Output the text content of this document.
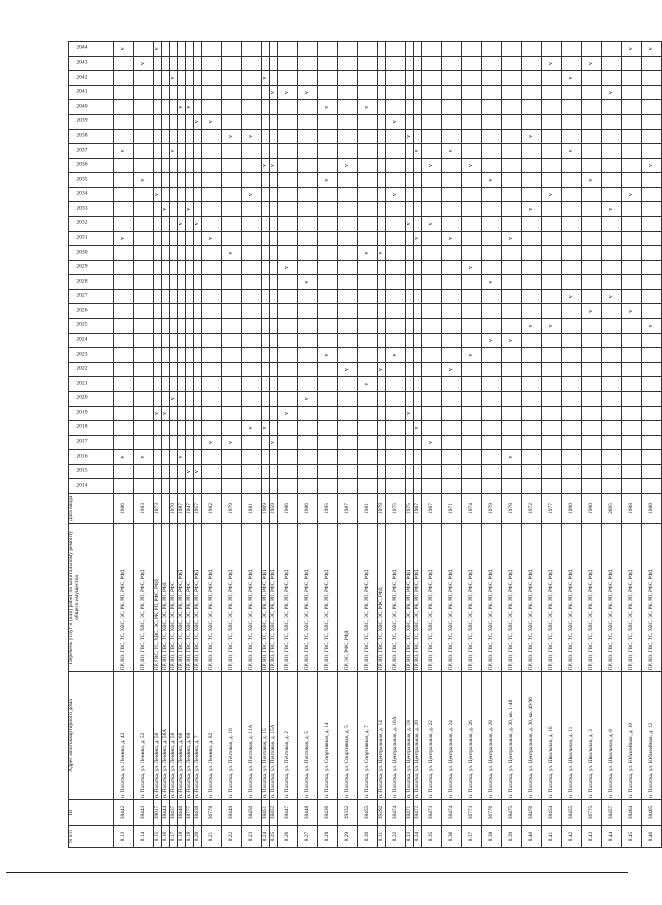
N п/п	ID	Адрес многоквартирного дома	Перечень услуг и (или) работ по капитальному ремонту общего имущества	Дата ввода	2014	2015	2016	2017	2018	2019	2020	2021	2022	2023	2024	2025	2026	2027	2028	2029	2030	2031	2032	2033	2034	2035	2036	2037	2038	2039	2040	2041	2042	2043	2044
8.13	38442	п. Палатка, ул. Ленина, д. 42	ПР, ВО, ГВС, ТС, ХВС, ЭС, РК, РП, РФС, РФД	1986			v															v						v							v
8.14	38443	п. Палатка, ул. Ленина, д. 52	ПР, ВО, ГВС, ТС, ХВС, ЭС, РК, РП, РФС, РФД	1983			v																			v								v	
8.15	39017	п. Палатка, ул. Ленина, д. 56	ПР, ГВС, ТС, ХВС, ЭС, РК, РП, РФС, РФД	1973						v															v										v
8.16	38444	п. Палатка, ул. Ленина, д. 56А	ПР, ВО, ГВС, ТС, ХВС, ЭС, РК, РП, РФД							v														v											
8.17	38437	п. Палатка, ул. Ленина, д. 58	ПР, ВО, ГВС, ТС, ХВС, ЭС, РК, РП, РФС	1970							v																	v					v		
8.18	38440	п. Палатка, ул. Ленина, д. 66	ПР, ВО, ГВС, ТС, ХВС, ЭС, РК, РП, РФС, РФД	1987			v																v								v				
8.19	38777	п. Палатка, ул. Ленина, д. 68	ПР, ВО, ГВС, ТС, ХВС, ЭС, РК, РП, РФС	1947		v																		v							v				
8.20	38438	п. Палатка, ул. Ленина, д. 7	ПР, ВО, ГВС, ТС, ХВС, ЭС, РК, РП, РФС, РФД	1957		v																	v							v					
8.21	36778	п. Палатка, ул. Ленина, д. 82	ПР, ВО, ГВС, ТС, ХВС, ЭС, РК, РП, РФС, РФД	1982				v														v								v					
8.22	38449	п. Палатка, ул. Почтовая, д. 10	ПР, ВО, ГВС, ТС, ХВС, ЭС, РК, РП, РФС, РФД	1979				v													v								v						
8.23	38450	п. Палатка, ул. Почтовая, д. 11А	ПР, ВО, ГВС, ТС, ХВС, ЭС, РК, РП, РФС, РФД	1981					v																v				v						
8.24	38451	п. Палатка, ул. Почтовая, д. 15	ПР, ВО, ГВС, ТС, ХВС, ЭС, РК, РП, РФС, РФД	1969					v																		v						v		
8.25	38452	п. Палатка, ул. Почтовая, д. 15А	ПР, ВО, ГВС, ТС, ХВС, ЭС, РК, РП, РФС, РФД	1959				v																			v					v			
8.26	38447	п. Палатка, ул. Почтовая, д. 2	ПР, ВО, ГВС, ТС, ХВС, ЭС, РК, РП, РФС, РФД	1986						v										v												v			
8.27	38448	п. Палатка, ул. Почтовая, д. 5	ПР, ВО, ГВС, ТС, ХВС, ЭС, РК, РП, РФС, РФД	1986							v								v													v			
8.28	38436	п. Палатка, ул. Спортивная, д. 14	ПР, ВО, ГВС, ТС, ХВС, ЭС, РК, РП, РФС, РФД	1995										v												v					v				
8.29	39332	п. Палатка, ул. Спортивная, д. 5	ПР, ЭС, РФС, РФД	1987									v														v								
8.30	38455	п. Палатка, ул. Спортивная, д. 7	ПР, ВО, ГВС, ТС, ХВС, ЭС, РК, РП, РФС, РФД	1981								v									v										v				
8.31	39292	п. Палатка, ул. Центральная, д. 14	ПР, ВО, ГВС, ТС, ХВС, ЭС, РФС, РФД	1978									v								v														
8.32	38474	п. Палатка, ул. Центральная, д. 16А	ПР, ВО, ГВС, ТС, ХВС, ЭС, РК, РП, РФС, РФД	1975										v											v					v					
8.33	38471	п. Палатка, ул. Центральная, д. 18	ПР, ВО, ГВС, ТС, ХВС, ЭС, РК, РП, РФС, РФД	1975						v													v						v						
8.34	38472	п. Палатка, ул. Центральная, д. 20	ПР, ВО, ГВС, ТС, ХВС, ЭС, РК, РП, РФС, РФД	1967					v													v						v							
8.35	38473	п. Палатка, ул. Центральная, д. 22	ПР, ВО, ГВС, ТС, ХВС, ЭС, РК, РП, РФС, РФД	1967				v															v				v								
8.36	38474	п. Палатка, ул. Центральная, д. 24	ПР, ВО, ГВС, ТС, ХВС, ЭС, РК, РП, РФС, РФД	1971									v									v						v							
8.37	36773	п. Палатка, ул. Центральная, д. 26	ПР, ВО, ГВС, ТС, ХВС, ЭС, РК, РП, РФС, РФД	1974										v						v							v								
8.38	36776	п. Палатка, ул. Центральная, д. 28	ПР, ВО, ГВС, ТС, ХВС, ЭС, РК, РП, РФС, РФД	1979											v				v							v									
8.39	38475	п. Палатка, ул. Центральная, д. 30, кв. 1-48	ПР, ВО, ГВС, ТС, ХВС, ЭС, РК, РП, РФС, РФД	1978			v								v							v													
8.40	38476	п. Палатка, ул. Центральная, д. 30, кв. 49-96	ПР, ВО, ГВС, ТС, ХВС, ЭС, РК, РП, РФС, РФД	1972												v								v					v						
8.41	38454	п. Палатка, ул. Школьная, д. 10	ПР, ВО, ГВС, ТС, ХВС, ЭС, РК, РП, РФС, РФД	1977												v									v									v	
8.42	38455	п. Палатка, ул. Школьная, д. 11	ПР, ВО, ГВС, ТС, ХВС, ЭС, РК, РП, РФС, РФД	1990														v										v					v		
8.43	36775	п. Палатка, ул. Школьная, д. 3	ПР, ВО, ГВС, ТС, ХВС, ЭС, РК, РП, РФС, РФД	1990													v									v								v	
8.44	38457	п. Палатка, ул. Школьная, д. 8	ПР, ВО, ГВС, ТС, ХВС, ЭС, РК, РП, РФС, РФД	2005														v						v								v			
8.45	38464	п. Палатка, ул. Юбилейная, д. 10	ПР, ВО, ГВС, ТС, ХВС, ЭС, РК, РП, РФС, РФД	1988													v								v										v
8.46	38465	п. Палатка, ул. Юбилейная, д. 12	ПР, ВО, ГВС, ТС, ХВС, ЭС, РК, РП, РФС, РФД	1980												v											v								v
